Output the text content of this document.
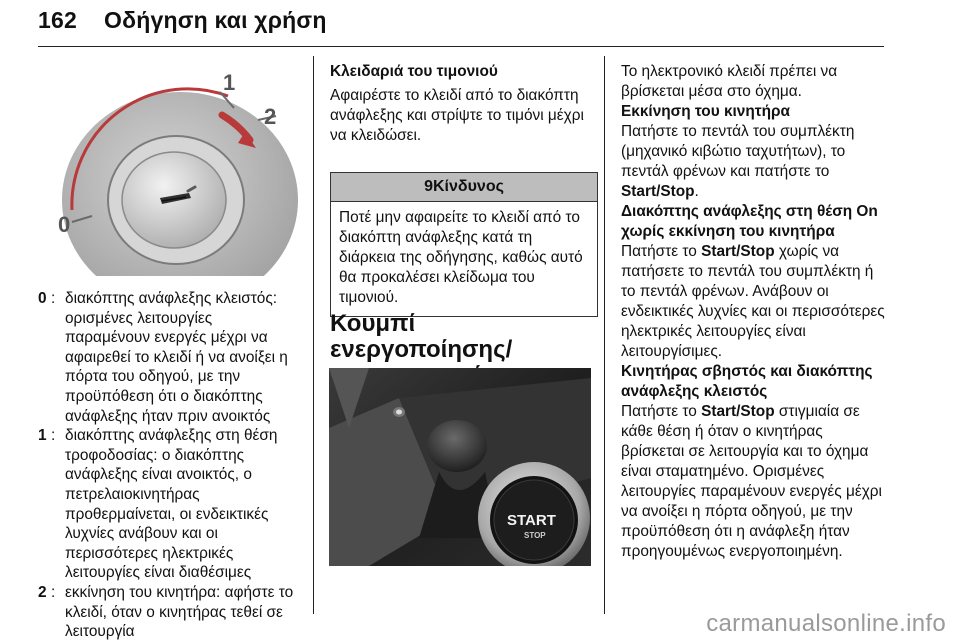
162 Οδήγηση και χρήση
1
2
0
0 : διακόπτης ανάφλεξης κλειστός: ορισμένες λειτουργίες παραμένουν ενεργές μέχρι να αφαιρεθεί το κλειδί ή να ανοίξει η πόρτα του οδηγού, με την προϋπόθεση ότι ο διακόπτης ανάφλεξης ήταν πριν ανοικτός
1 : διακόπτης ανάφλεξης στη θέση τροφοδοσίας: ο διακόπτης ανάφλεξης είναι ανοικτός, ο πετρελαιοκινητήρας προθερμαίνεται, οι ενδεικτικές λυχνίες ανάβουν και οι περισσότερες ηλεκτρικές λειτουργίες είναι διαθέσιμες
2 : εκκίνηση του κινητήρα: αφήστε το κλειδί, όταν ο κινητήρας τεθεί σε λειτουργία
Κλειδαριά του τιμονιού
Αφαιρέστε το κλειδί από το διακόπτη ανάφλεξης και στρίψτε το τιμόνι μέχρι να κλειδώσει.
9Κίνδυνος
Ποτέ μην αφαιρείτε το κλειδί από το διακόπτη ανάφλεξης κατά τη διάρκεια της οδήγησης, καθώς αυτό θα προκαλέσει κλείδωμα του τιμονιού.
Κουμπί ενεργοποίησης/
START
STOP
Το ηλεκτρονικό κλειδί πρέπει να βρίσκεται μέσα στο όχημα.
Εκκίνηση του κινητήρα
Πατήστε το πεντάλ του συμπλέκτη (μηχανικό κιβώτιο ταχυτήτων), το πεντάλ φρένων και πατήστε το Start/Stop.
Διακόπτης ανάφλεξης στη θέση On χωρίς εκκίνηση του κινητήρα
Πατήστε το Start/Stop χωρίς να πατήσετε το πεντάλ του συμπλέκτη ή το πεντάλ φρένων. Ανάβουν οι ενδεικτικές λυχνίες και οι περισσότερες ηλεκτρικές λειτουργίες είναι λειτουργίσιμες.
Κινητήρας σβηστός και διακόπτης ανάφλεξης κλειστός
Πατήστε το Start/Stop στιγμιαία σε κάθε θέση ή όταν ο κινητήρας βρίσκεται σε λειτουργία και το όχημα είναι σταματημένο. Ορισμένες λειτουργίες παραμένουν ενεργές μέχρι να ανοίξει η πόρτα οδηγού, με την προϋπόθεση ότι η ανάφλεξη ήταν προηγουμένως ενεργοποιημένη.
carmanualsonline.info
